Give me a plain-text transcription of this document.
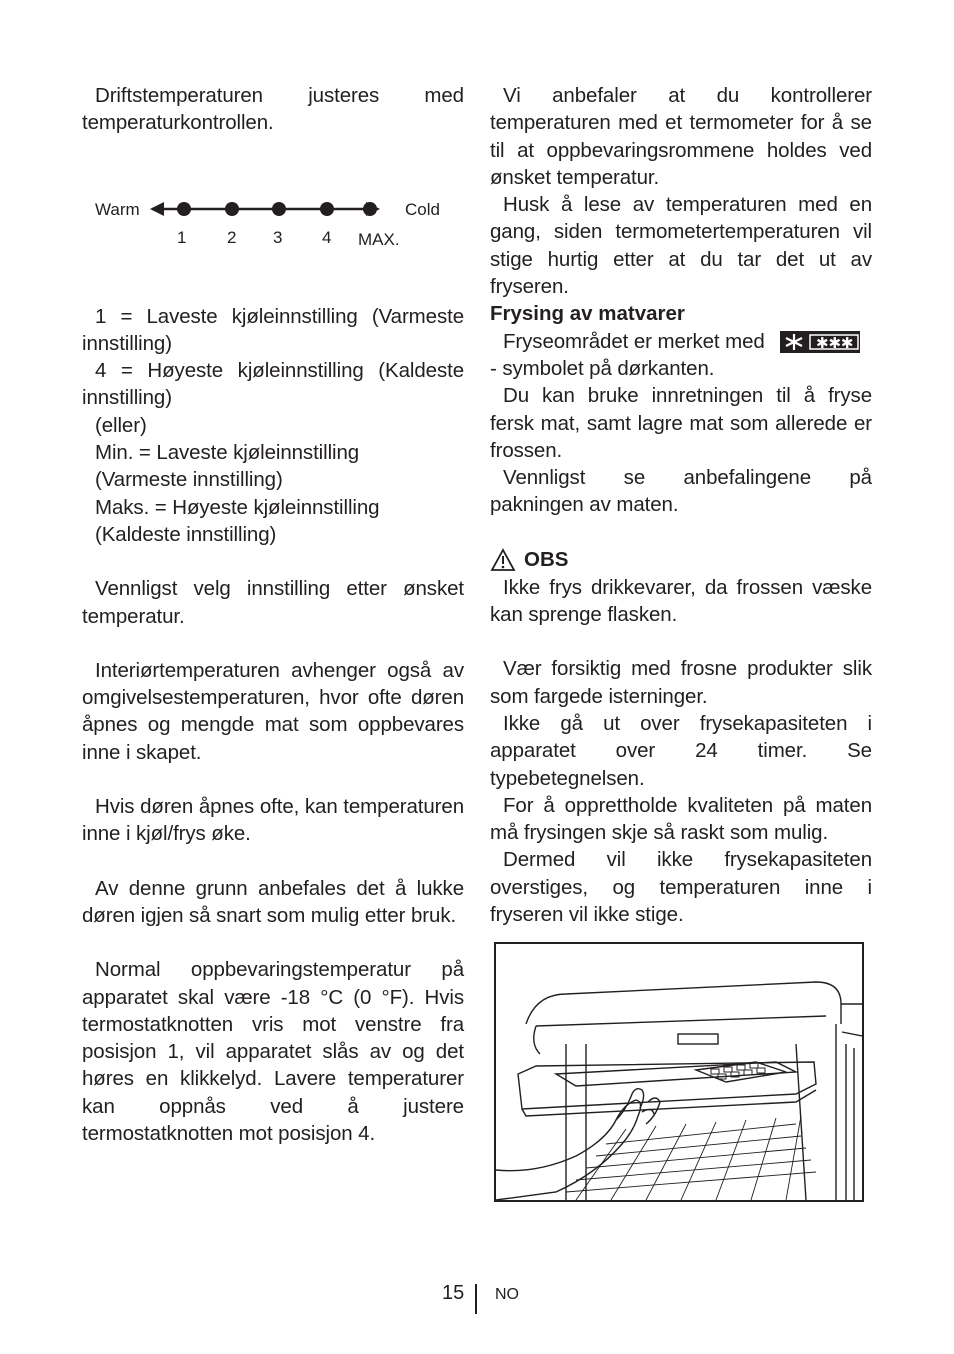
Driftstemperaturen justeres med temperaturkontrollen.

Warm	Cold
1 2 3 4 MAX.

1 = Laveste kjøleinnstilling (Varmeste innstilling)

4 = Høyeste kjøleinnstilling (Kaldeste innstilling)

(eller)

Min. = Laveste kjøleinnstilling

(Varmeste innstilling)

Maks. = Høyeste kjøleinnstilling

(Kaldeste innstilling)

Vennligst velg innstilling etter ønsket temperatur.

Interiørtemperaturen avhenger også av omgivelsestemperaturen, hvor ofte døren åpnes og mengde mat som oppbevares inne i skapet.

Hvis døren åpnes ofte, kan temperaturen inne i kjøl/frys øke.

Av denne grunn anbefales det å lukke døren igjen så snart som mulig etter bruk.

Normal oppbevaringstemperatur på apparatet skal være -18 °C (0 °F). Hvis termostatknotten vris mot venstre fra posisjon 1, vil apparatet slås av og det høres en klikkelyd. Lavere temperaturer kan oppnås ved å justere termostatknotten mot posisjon 4.

Vi anbefaler at du kontrollerer temperaturen med et termometer for å se til at oppbevaringsrommene holdes ved ønsket temperatur.

Husk å lese av temperaturen med en gang, siden termometertemperaturen vil stige hurtig etter at du tar det ut av fryseren.

Frysing av matvarer

Fryseområdet er merket med	✱✱✱

- symbolet på dørkanten.

Du kan bruke innretningen til å fryse fersk mat, samt lagre mat som allerede er frossen.

Vennligst se anbefalingene på pakningen av maten.

OBS

Ikke frys drikkevarer, da frossen væske kan sprenge flasken.

Vær forsiktig med frosne produkter slik som fargede isterninger.

Ikke gå ut over frysekapasiteten i apparatet over 24 timer. Se typebetegnelsen.

For å opprettholde kvaliteten på maten må frysingen skje så raskt som mulig.

Dermed vil ikke frysekapasiteten overstiges, og temperaturen inne i fryseren vil ikke stige.

15 NO
